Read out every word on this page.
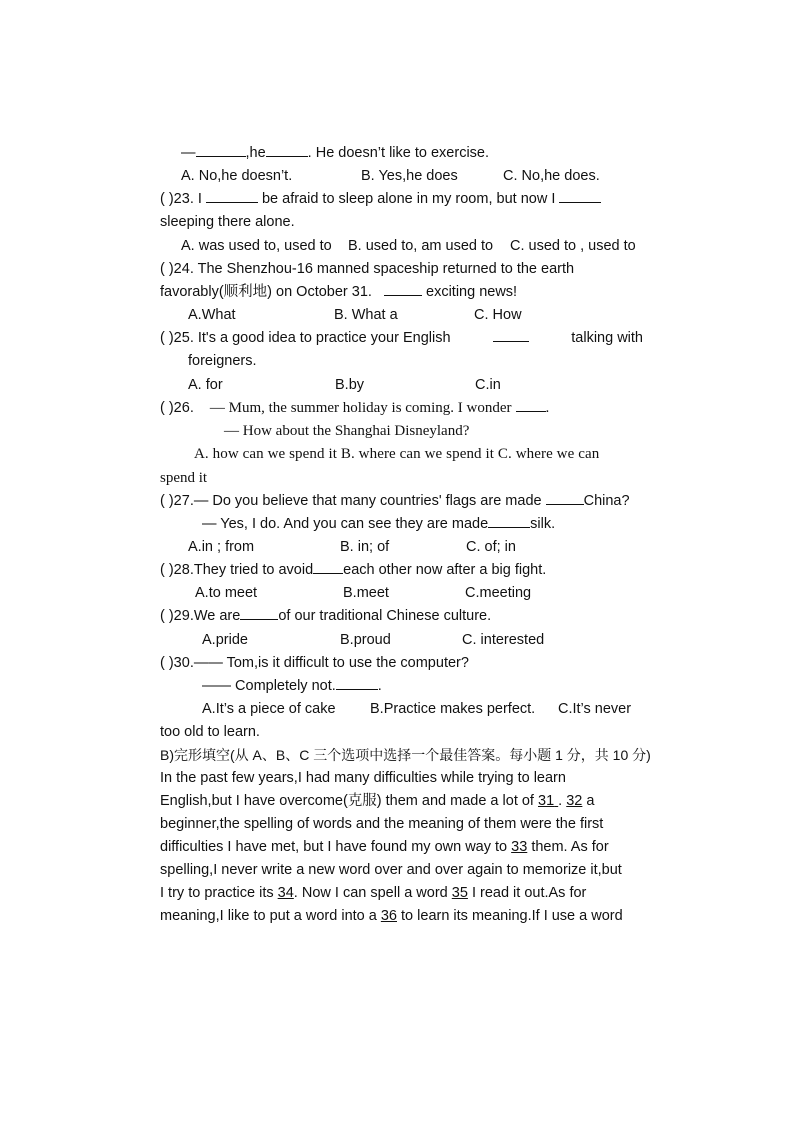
—	,he	. He doesn’t like to exercise.
A. No,he doesn’t.	B. Yes,he does	C. No,he does.
( )23. I	be afraid to sleep alone in my room, but now I
sleeping there alone.
A. was used to, used to B. used to, am used to C. used to , used to
( )24. The Shenzhou-16 manned spaceship returned to the earth
favorably(顺利地) on October 31.	exciting news!
A.What	B. What a	C. How
( )25. It's a good idea to practice your English	talking with
foreigners.
A. for	B.by	C.in
( )26. — Mum, the summer holiday is coming. I wonder .
— How about the Shanghai Disneyland?
A. how can we spend it B. where can we spend it C. where we can
spend it
( )27.— Do you believe that many countries' flags are made	China?
— Yes, I do. And you can see they are made	silk.
A.in ; from	B. in; of	C. of; in
( )28.They tried to avoid each other now after a big fight.
A.to meet	B.meet	C.meeting
( )29.We are	of our traditional Chinese culture.
A.pride	B.proud	C. interested
( )30.—— Tom,is it difficult to use the computer?
—— Completely not.	.
A.It’s a piece of cake B.Practice makes perfect. C.It’s never
too old to learn.
B)完形填空(从 A、B、C 三个选项中选择一个最佳答案。每小题 1 分，共 10 分)
In the past few years,I had many difficulties while trying to learn
English,but I have overcome(克服) them and made a lot of 31 . 32 a
beginner,the spelling of words and the meaning of them were the first
difficulties I have met, but I have found my own way to 33 them. As for
spelling,I never write a new word over and over again to memorize it,but
I try to practice its 34. Now I can spell a word 35 I read it out.As for
meaning,I like to put a word into a 36 to learn its meaning.If I use a word
